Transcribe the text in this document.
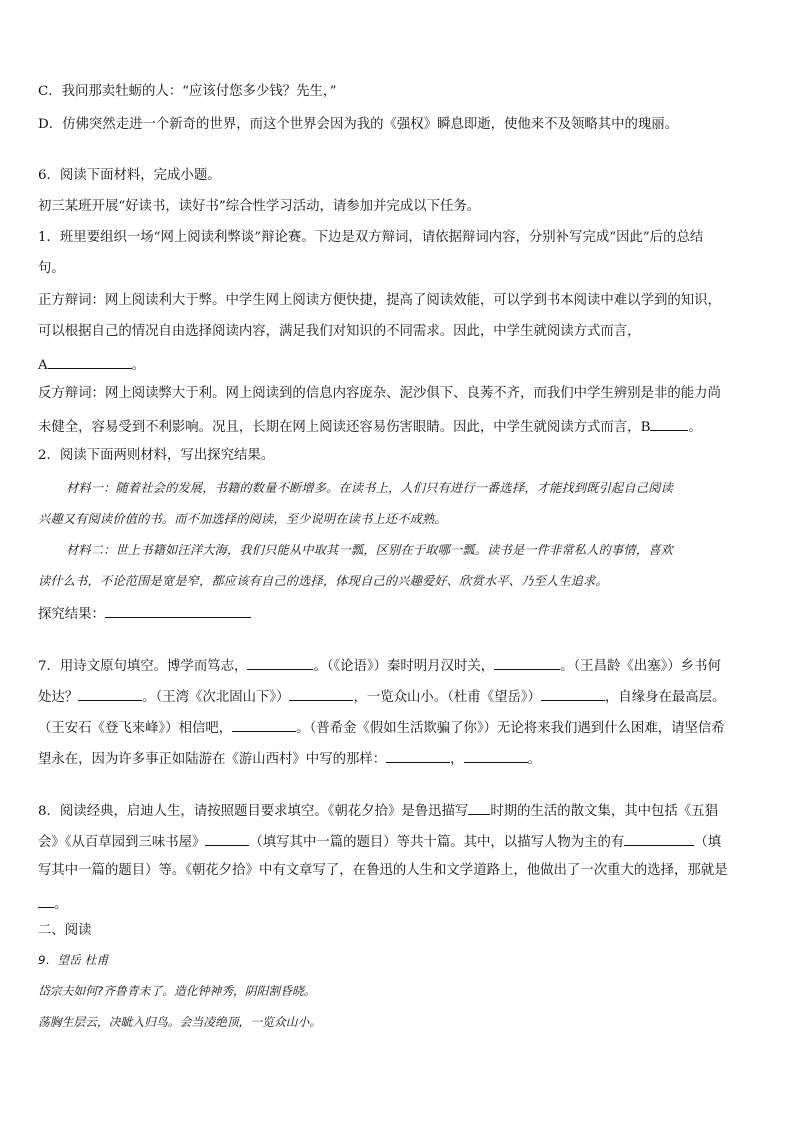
C．我问那卖牡蛎的人：“应该付您多少钱？先生，”
D．仿佛突然走进一个新奇的世界，而这个世界会因为我的《强权》瞬息即逝，使他来不及领略其中的瑰丽。
6．阅读下面材料，完成小题。
初三某班开展“好读书，读好书”综合性学习活动，请参加并完成以下任务。
1．班里要组织一场“网上阅读利弊谈”辩论赛。下边是双方辩词，请依据辩词内容，分别补写完成“因此”后的总结
句。
正方辩词：网上阅读利大于弊。中学生网上阅读方便快捷，提高了阅读效能，可以学到书本阅读中难以学到的知识，
可以根据自己的情况自由选择阅读内容，满足我们对知识的不同需求。因此，中学生就阅读方式而言，
A	。
反方辩词：网上阅读弊大于利。网上阅读到的信息内容庞杂、泥沙俱下、良莠不齐，而我们中学生辨别是非的能力尚
未健全，容易受到不利影响。况且，长期在网上阅读还容易伤害眼睛。因此，中学生就阅读方式而言，B	。
2．阅读下面两则材料，写出探究结果。
材料一：随着社会的发展，书籍的数量不断增多。在读书上，人们只有进行一番选择，才能找到既引起自己阅读
兴趣又有阅读价值的书。而不加选择的阅读，至少说明在读书上还不成熟。
材料二：世上书籍如汪洋大海，我们只能从中取其一瓢，区别在于取哪一瓢。读书是一件非常私人的事情，喜欢
读什么书，不论范围是宽是窄，都应该有自己的选择，体现自己的兴趣爱好、欣赏水平、乃至人生追求。
探究结果：
7．用诗文原句填空。博学而笃志，	。（《论语》）秦时明月汉时关，	。（王昌龄《出塞》）乡书何
处达？	。（王湾《次北固山下》）	，一览众山小。（杜甫《望岳》）	，自缘身在最高层。
（王安石《登飞来峰》）相信吧，	。（普希金《假如生活欺骗了你》）无论将来我们遇到什么困难，请坚信希
望永在，因为许多事正如陆游在《游山西村》中写的那样：	，	。
8．阅读经典，启迪人生，请按照题目要求填空。《朝花夕拾》是鲁迅描写 时期的生活的散文集，其中包括《五猖
会》《从百草园到三味书屋》	（填写其中一篇的题目）等共十篇。其中，以描写人物为主的有	（填
写其中一篇的题目）等。《朝花夕拾》中有文章写了，在鲁迅的人生和文学道路上，他做出了一次重大的选择，那就是
。
二、阅读
9．望岳 杜甫
岱宗夫如何?齐鲁青未了。造化钟神秀，阴阳割昏晓。
荡胸生层云，决眦入归鸟。会当凌绝顶，一览众山小。
